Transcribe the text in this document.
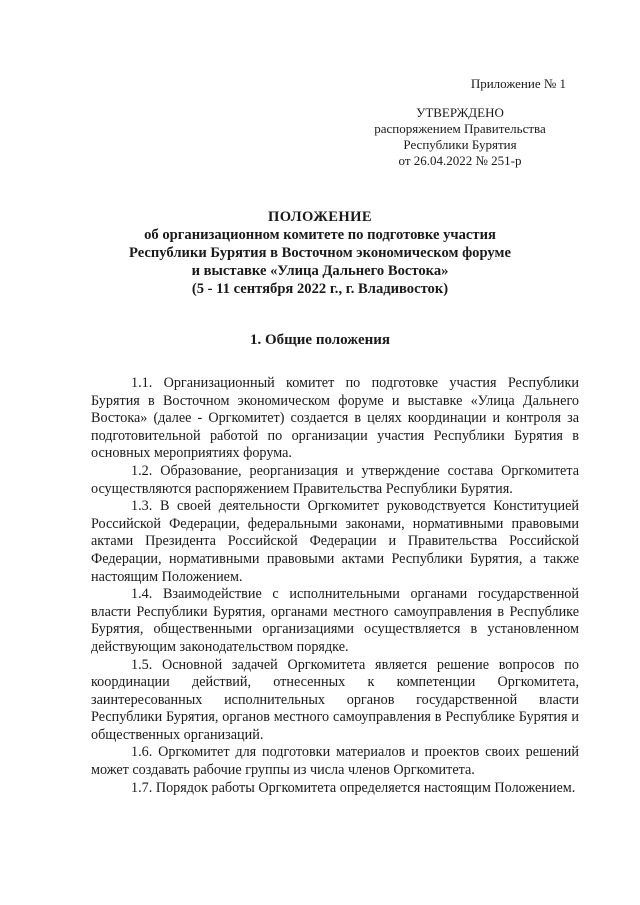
Приложение № 1
УТВЕРЖДЕНО
распоряжением Правительства
Республики Бурятия
от 26.04.2022 № 251-р
ПОЛОЖЕНИЕ
об организационном комитете по подготовке участия
Республики Бурятия в Восточном экономическом форуме
и выставке «Улица Дальнего Востока»
(5 - 11 сентября 2022 г., г. Владивосток)
1. Общие положения

1.1. Организационный комитет по подготовке участия Республики Бурятия в Восточном экономическом форуме и выставке «Улица Дальнего Востока» (далее - Оргкомитет) создается в целях координации и контроля за подготовительной работой по организации участия Республики Бурятия в основных мероприятиях форума.

1.2. Образование, реорганизация и утверждение состава Оргкомитета осуществляются распоряжением Правительства Республики Бурятия.

1.3. В своей деятельности Оргкомитет руководствуется Конституцией Российской Федерации, федеральными законами, нормативными правовыми актами Президента Российской Федерации и Правительства Российской Федерации, нормативными правовыми актами Республики Бурятия, а также настоящим Положением.

1.4. Взаимодействие с исполнительными органами государственной власти Республики Бурятия, органами местного самоуправления в Республике Бурятия, общественными организациями осуществляется в установленном действующим законодательством порядке.

1.5. Основной задачей Оргкомитета является решение вопросов по координации действий, отнесенных к компетенции Оргкомитета, заинтересованных исполнительных органов государственной власти Республики Бурятия, органов местного самоуправления в Республике Бурятия и общественных организаций.

1.6. Оргкомитет для подготовки материалов и проектов своих решений может создавать рабочие группы из числа членов Оргкомитета.

1.7. Порядок работы Оргкомитета определяется настоящим Положением.
